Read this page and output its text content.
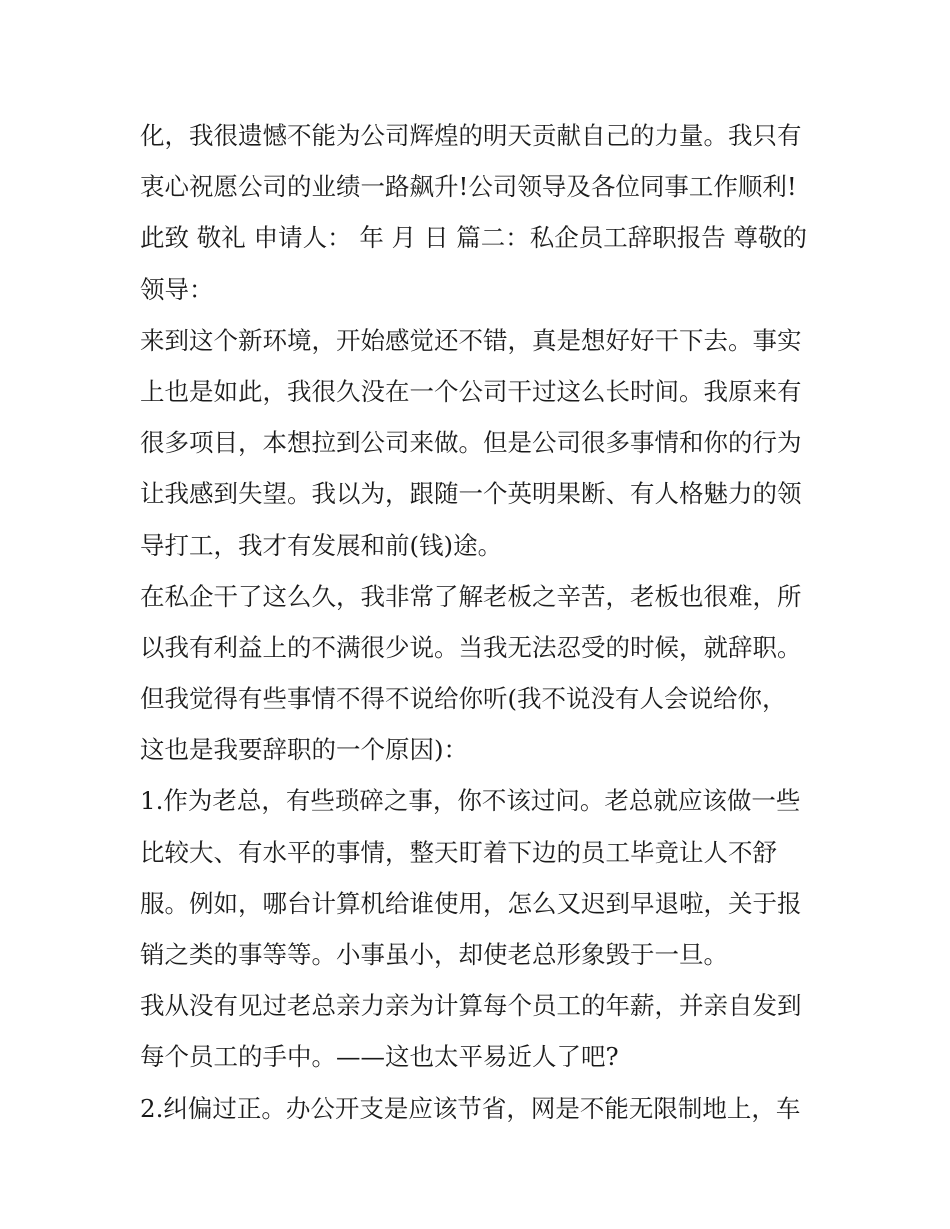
化，我很遗憾不能为公司辉煌的明天贡献自己的力量。我只有
衷心祝愿公司的业绩一路飙升!公司领导及各位同事工作顺利!
此致 敬礼 申请人： 年 月 日 篇二：私企员工辞职报告 尊敬的
领导：
来到这个新环境，开始感觉还不错，真是想好好干下去。事实
上也是如此，我很久没在一个公司干过这么长时间。我原来有
很多项目，本想拉到公司来做。但是公司很多事情和你的行为
让我感到失望。我以为，跟随一个英明果断、有人格魅力的领
导打工，我才有发展和前(钱)途。
在私企干了这么久，我非常了解老板之辛苦，老板也很难，所
以我有利益上的不满很少说。当我无法忍受的时候，就辞职。
但我觉得有些事情不得不说给你听(我不说没有人会说给你，
这也是我要辞职的一个原因)：
1.作为老总，有些琐碎之事，你不该过问。老总就应该做一些
比较大、有水平的事情，整天盯着下边的员工毕竟让人不舒
服。例如，哪台计算机给谁使用，怎么又迟到早退啦，关于报
销之类的事等等。小事虽小，却使老总形象毁于一旦。
我从没有见过老总亲力亲为计算每个员工的年薪，并亲自发到
每个员工的手中。——这也太平易近人了吧?
2.纠偏过正。办公开支是应该节省，网是不能无限制地上，车
